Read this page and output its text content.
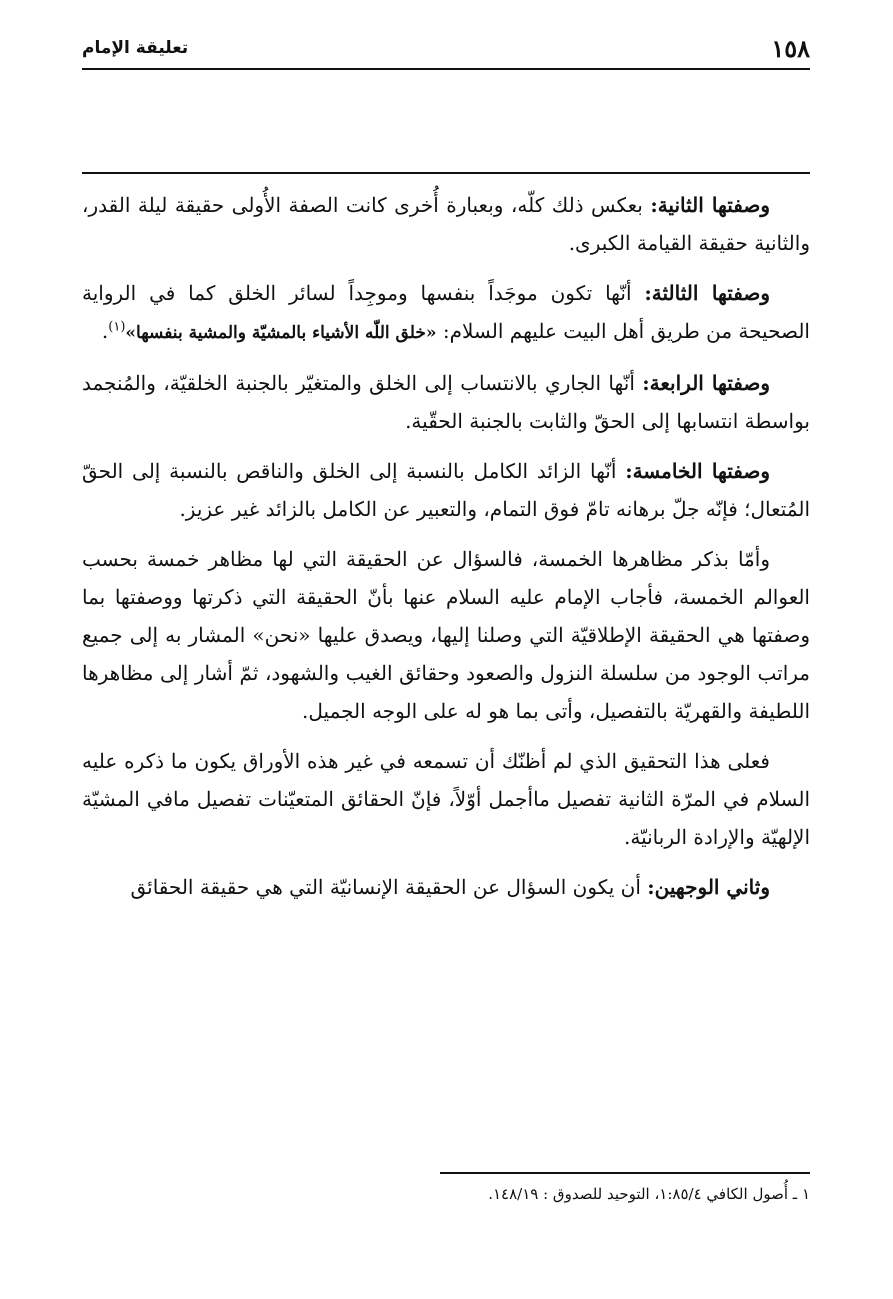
١٥٨
تعليقة الإمام

وصفتها الثانية: بعكس ذلك كلّه، وبعبارة أُخرى كانت الصفة الأُولى حقيقة ليلة القدر، والثانية حقيقة القيامة الكبرى.

وصفتها الثالثة: أنّها تكون موجَداً بنفسها وموجِداً لسائر الخلق كما في الرواية الصحيحة من طريق أهل البيت عليهم السلام: «خلق اللّه الأشياء بالمشيّة والمشية بنفسها»$^{(١)}$.

وصفتها الرابعة: أنّها الجاري بالانتساب إلى الخلق والمتغيّر بالجنبة الخلقيّة، والمُنجمد بواسطة انتسابها إلى الحقّ والثابت بالجنبة الحقّية.

وصفتها الخامسة: أنّها الزائد الكامل بالنسبة إلى الخلق والناقص بالنسبة إلى الحقّ المُتعال؛ فإنّه جلّ برهانه تامّ فوق التمام، والتعبير عن الكامل بالزائد غير عزيز.

وأمّا بذكر مظاهرها الخمسة، فالسؤال عن الحقيقة التي لها مظاهر خمسة بحسب العوالم الخمسة، فأجاب الإمام عليه السلام عنها بأنّ الحقيقة التي ذكرتها ووصفتها بما وصفتها هي الحقيقة الإطلاقيّة التي وصلنا إليها، ويصدق عليها «نحن» المشار به إلى جميع مراتب الوجود من سلسلة النزول والصعود وحقائق الغيب والشهود، ثمّ أشار إلى مظاهرها اللطيفة والقهريّة بالتفصيل، وأتى بما هو له على الوجه الجميل.

فعلى هذا التحقيق الذي لم أظنّك أن تسمعه في غير هذه الأوراق يكون ما ذكره عليه السلام في المرّة الثانية تفصيل ماأجمل أوّلاً، فإنّ الحقائق المتعيّنات تفصيل مافي المشيّة الإلهيّة والإرادة الربانيّة.

وثاني الوجهين: أن يكون السؤال عن الحقيقة الإنسانيّة التي هي حقيقة الحقائق

١ ـ أُصول الكافي ١:٨٥/٤، التوحيد للصدوق : ١٤٨/١٩.
